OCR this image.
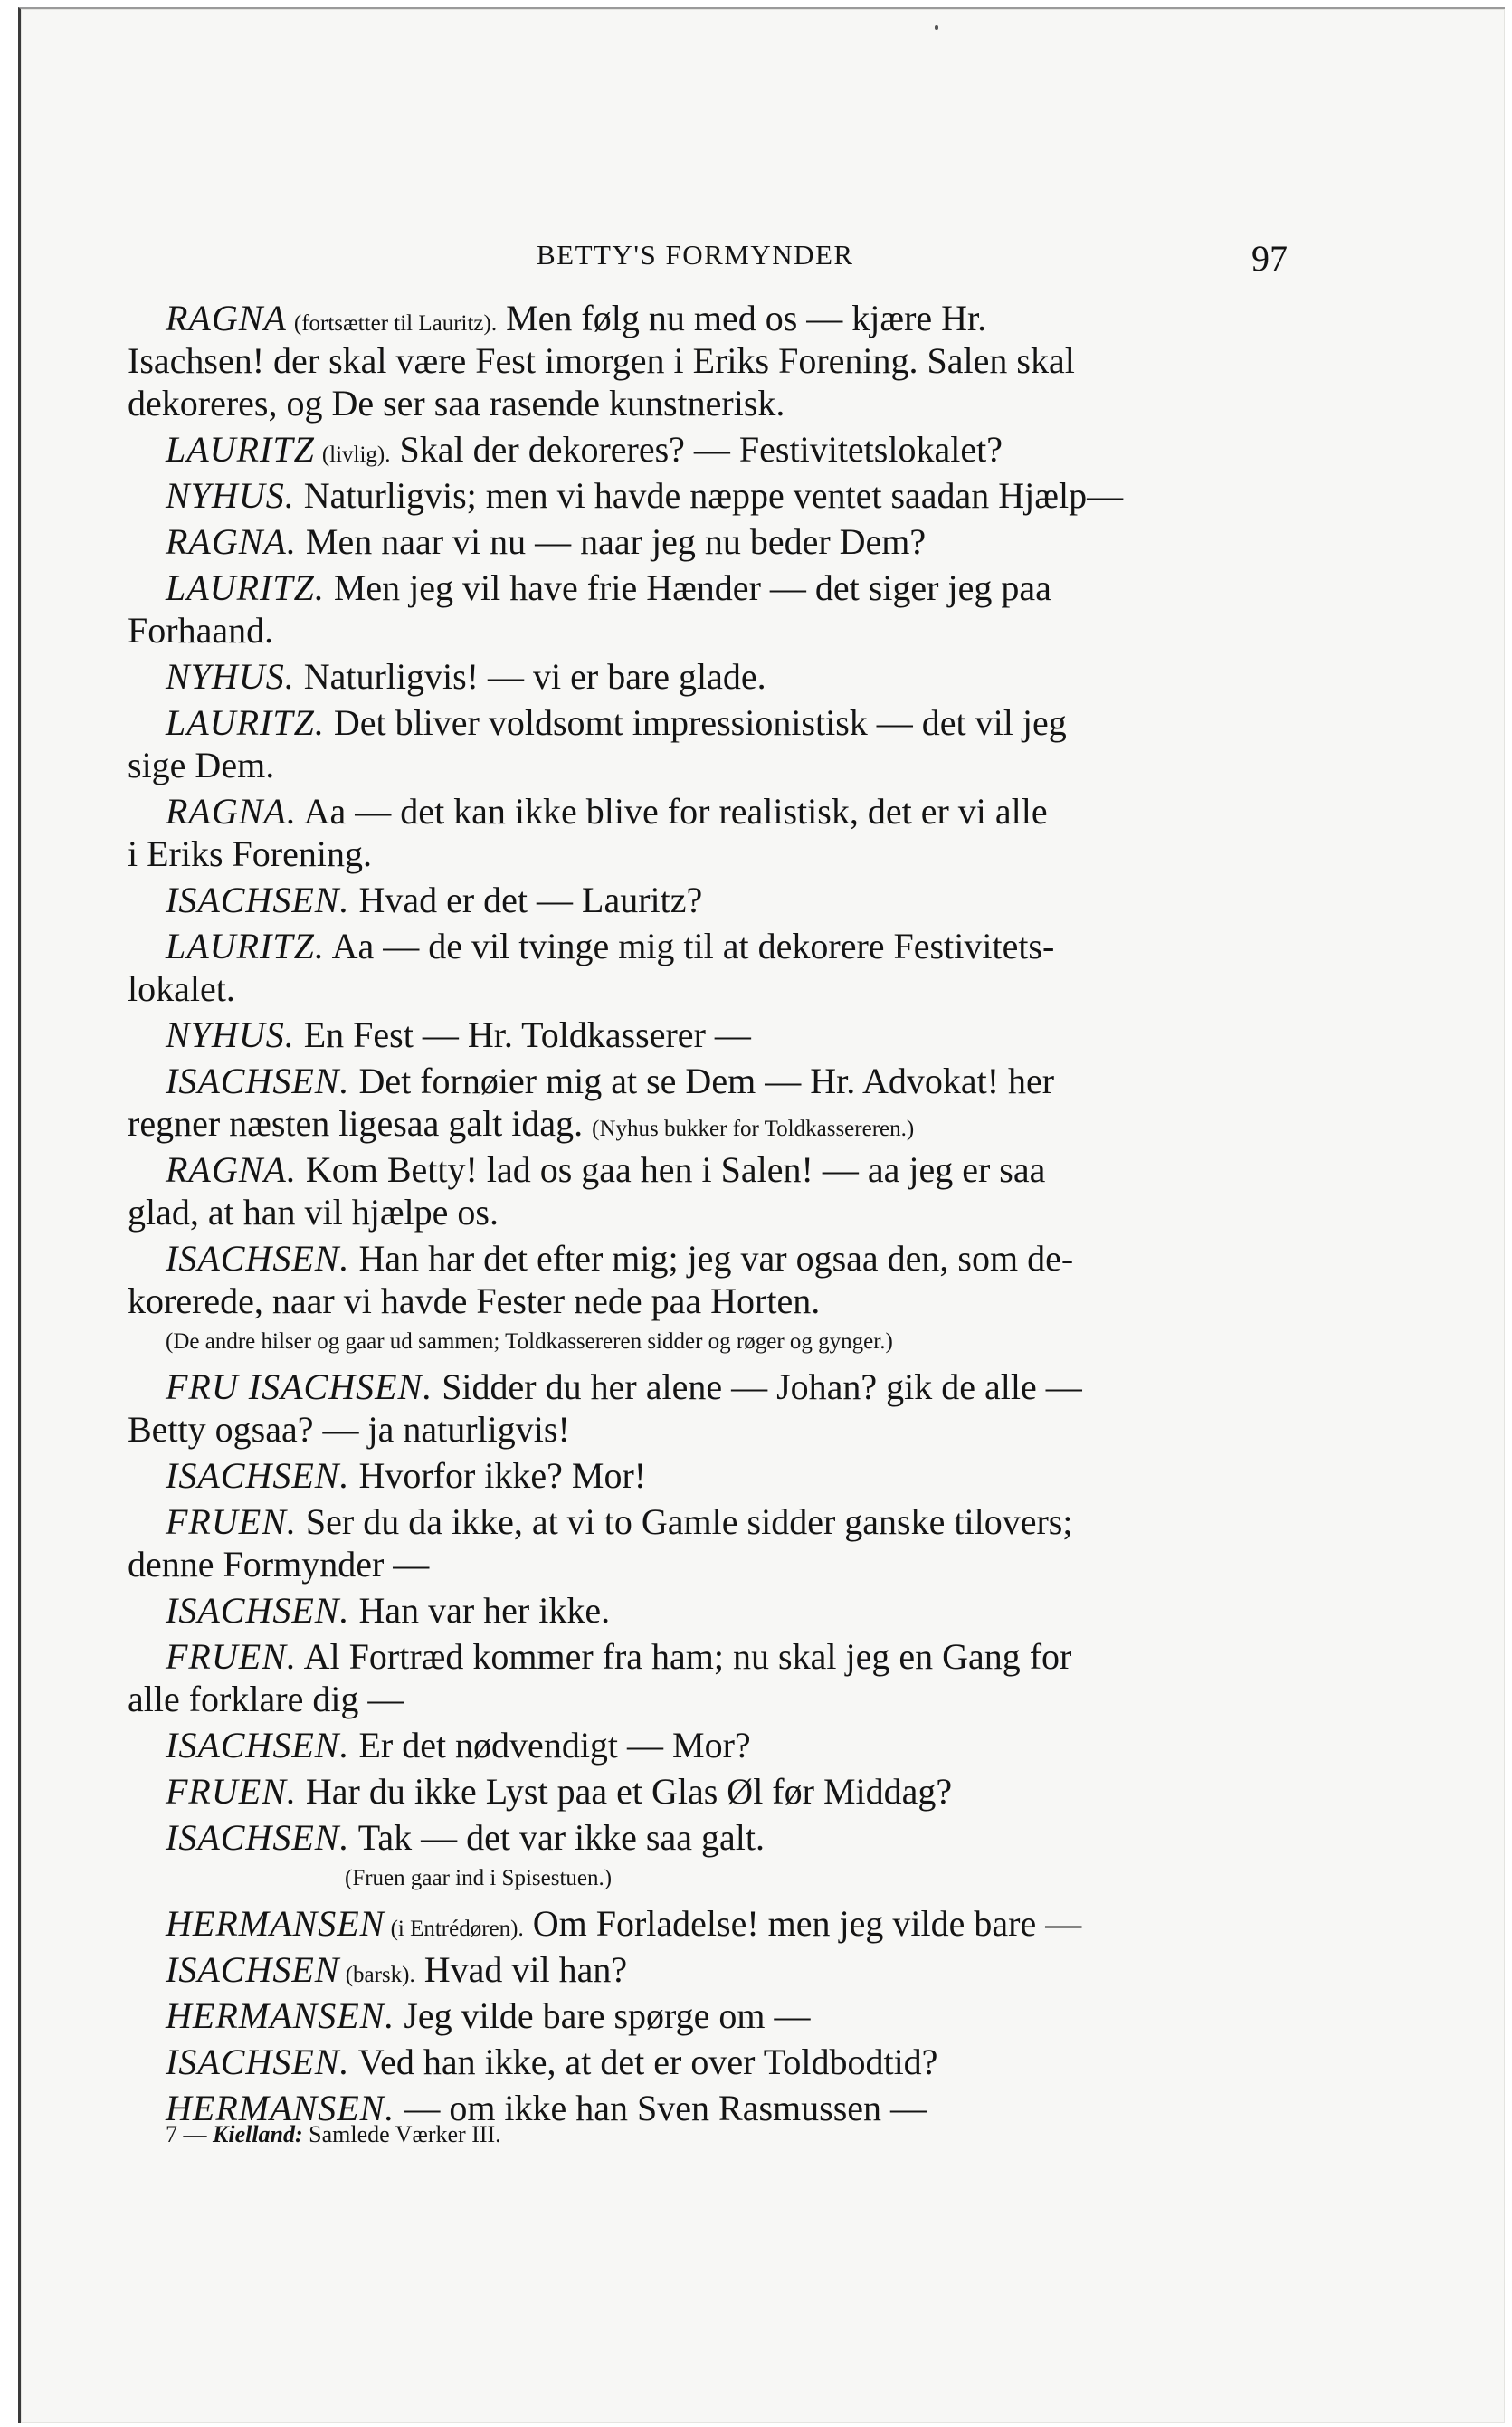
BETTY'S FORMYNDER	97
RAGNA (fortsætter til Lauritz). Men følg nu med os — kjære Hr.
Isachsen! der skal være Fest imorgen i Eriks Forening. Salen skal
dekoreres, og De ser saa rasende kunstnerisk.
LAURITZ (livlig). Skal der dekoreres? — Festivitetslokalet?
NYHUS. Naturligvis; men vi havde næppe ventet saadan Hjælp—
RAGNA. Men naar vi nu — naar jeg nu beder Dem?
LAURITZ. Men jeg vil have frie Hænder — det siger jeg paa
Forhaand.
NYHUS. Naturligvis! — vi er bare glade.
LAURITZ. Det bliver voldsomt impressionistisk — det vil jeg
sige Dem.
RAGNA. Aa — det kan ikke blive for realistisk, det er vi alle
i Eriks Forening.
ISACHSEN. Hvad er det — Lauritz?
LAURITZ. Aa — de vil tvinge mig til at dekorere Festivitets-
lokalet.
NYHUS. En Fest — Hr. Toldkasserer —
ISACHSEN. Det fornøier mig at se Dem — Hr. Advokat! her
regner næsten ligesaa galt idag. (Nyhus bukker for Toldkassereren.)
RAGNA. Kom Betty! lad os gaa hen i Salen! — aa jeg er saa
glad, at han vil hjælpe os.
ISACHSEN. Han har det efter mig; jeg var ogsaa den, som de-
korerede, naar vi havde Fester nede paa Horten.
(De andre hilser og gaar ud sammen; Toldkassereren sidder og røger og gynger.)
FRU ISACHSEN. Sidder du her alene — Johan? gik de alle —
Betty ogsaa? — ja naturligvis!
ISACHSEN. Hvorfor ikke? Mor!
FRUEN. Ser du da ikke, at vi to Gamle sidder ganske tilovers;
denne Formynder —
ISACHSEN. Han var her ikke.
FRUEN. Al Fortræd kommer fra ham; nu skal jeg en Gang for
alle forklare dig —
ISACHSEN. Er det nødvendigt — Mor?
FRUEN. Har du ikke Lyst paa et Glas Øl før Middag?
ISACHSEN. Tak — det var ikke saa galt.
(Fruen gaar ind i Spisestuen.)
HERMANSEN (i Entrédøren). Om Forladelse! men jeg vilde bare —
ISACHSEN (barsk). Hvad vil han?
HERMANSEN. Jeg vilde bare spørge om —
ISACHSEN. Ved han ikke, at det er over Toldbodtid?
HERMANSEN. — om ikke han Sven Rasmussen —
7 — Kielland: Samlede Værker III.
